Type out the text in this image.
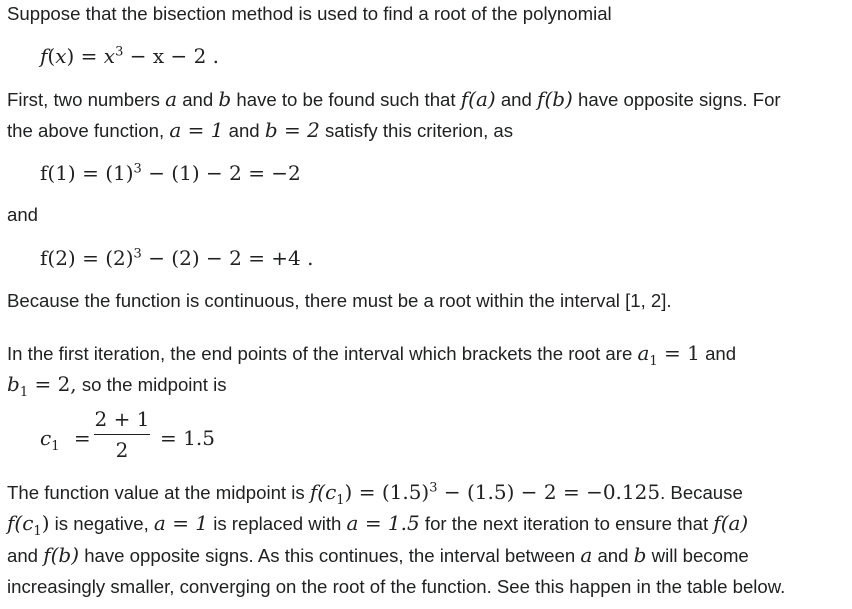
Suppose that the bisection method is used to find a root of the polynomial
$f(x) = x^3 - x - 2$ .
First, two numbers a and b have to be found such that f(a) and f(b) have opposite signs. For
the above function, a = 1 and b = 2 satisfy this criterion, as
$f(1) = (1)^3 - (1) - 2 = -2$
and
$f(2) = (2)^3 - (2) - 2 = +4$ .
Because the function is continuous, there must be a root within the interval [1, 2].
In the first iteration, the end points of the interval which brackets the root are $a_1 = 1$ and
$b_1 = 2$, so the midpoint is
$c_1 = \frac{2 + 1}{2} = 1.5$
The function value at the midpoint is $f(c_1) = (1.5)^3 - (1.5) - 2 = -0.125$. Because
$f(c_1)$ is negative, a = 1 is replaced with a = 1.5 for the next iteration to ensure that f(a)
and f(b) have opposite signs. As this continues, the interval between a and b will become
increasingly smaller, converging on the root of the function. See this happen in the table below.
